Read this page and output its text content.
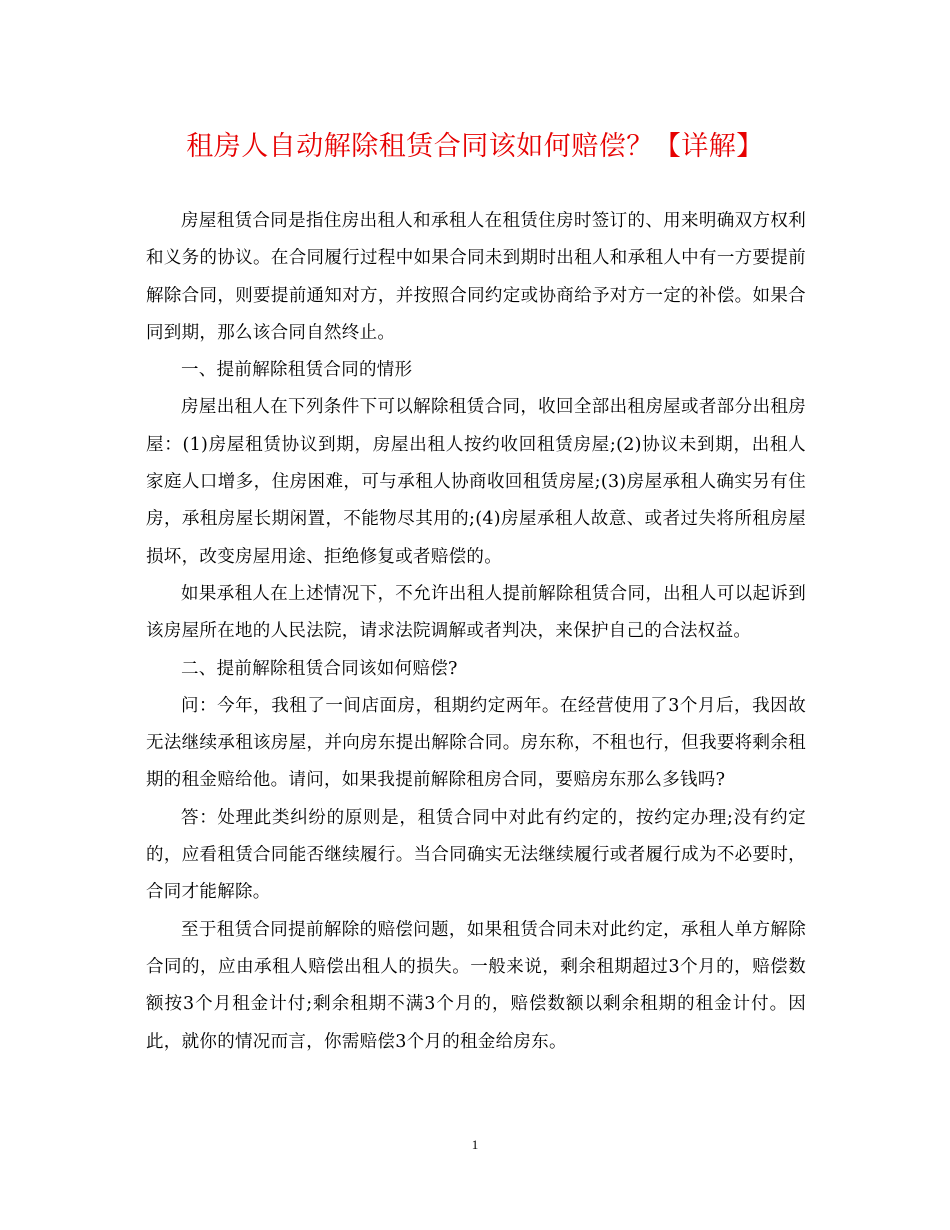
租房人自动解除租赁合同该如何赔偿？【详解】

房屋租赁合同是指住房出租人和承租人在租赁住房时签订的、用来明确双方权利和义务的协议。在合同履行过程中如果合同未到期时出租人和承租人中有一方要提前解除合同，则要提前通知对方，并按照合同约定或协商给予对方一定的补偿。如果合同到期，那么该合同自然终止。

一、提前解除租赁合同的情形

房屋出租人在下列条件下可以解除租赁合同，收回全部出租房屋或者部分出租房屋：(1)房屋租赁协议到期，房屋出租人按约收回租赁房屋;(2)协议未到期，出租人家庭人口增多，住房困难，可与承租人协商收回租赁房屋;(3)房屋承租人确实另有住房，承租房屋长期闲置，不能物尽其用的;(4)房屋承租人故意、或者过失将所租房屋损坏，改变房屋用途、拒绝修复或者赔偿的。

如果承租人在上述情况下，不允许出租人提前解除租赁合同，出租人可以起诉到该房屋所在地的人民法院，请求法院调解或者判决，来保护自己的合法权益。

二、提前解除租赁合同该如何赔偿?

问：今年，我租了一间店面房，租期约定两年。在经营使用了3个月后，我因故无法继续承租该房屋，并向房东提出解除合同。房东称，不租也行，但我要将剩余租期的租金赔给他。请问，如果我提前解除租房合同，要赔房东那么多钱吗?

答：处理此类纠纷的原则是，租赁合同中对此有约定的，按约定办理;没有约定的，应看租赁合同能否继续履行。当合同确实无法继续履行或者履行成为不必要时，合同才能解除。

至于租赁合同提前解除的赔偿问题，如果租赁合同未对此约定，承租人单方解除合同的，应由承租人赔偿出租人的损失。一般来说，剩余租期超过3个月的，赔偿数额按3个月租金计付;剩余租期不满3个月的，赔偿数额以剩余租期的租金计付。因此，就你的情况而言，你需赔偿3个月的租金给房东。

1
